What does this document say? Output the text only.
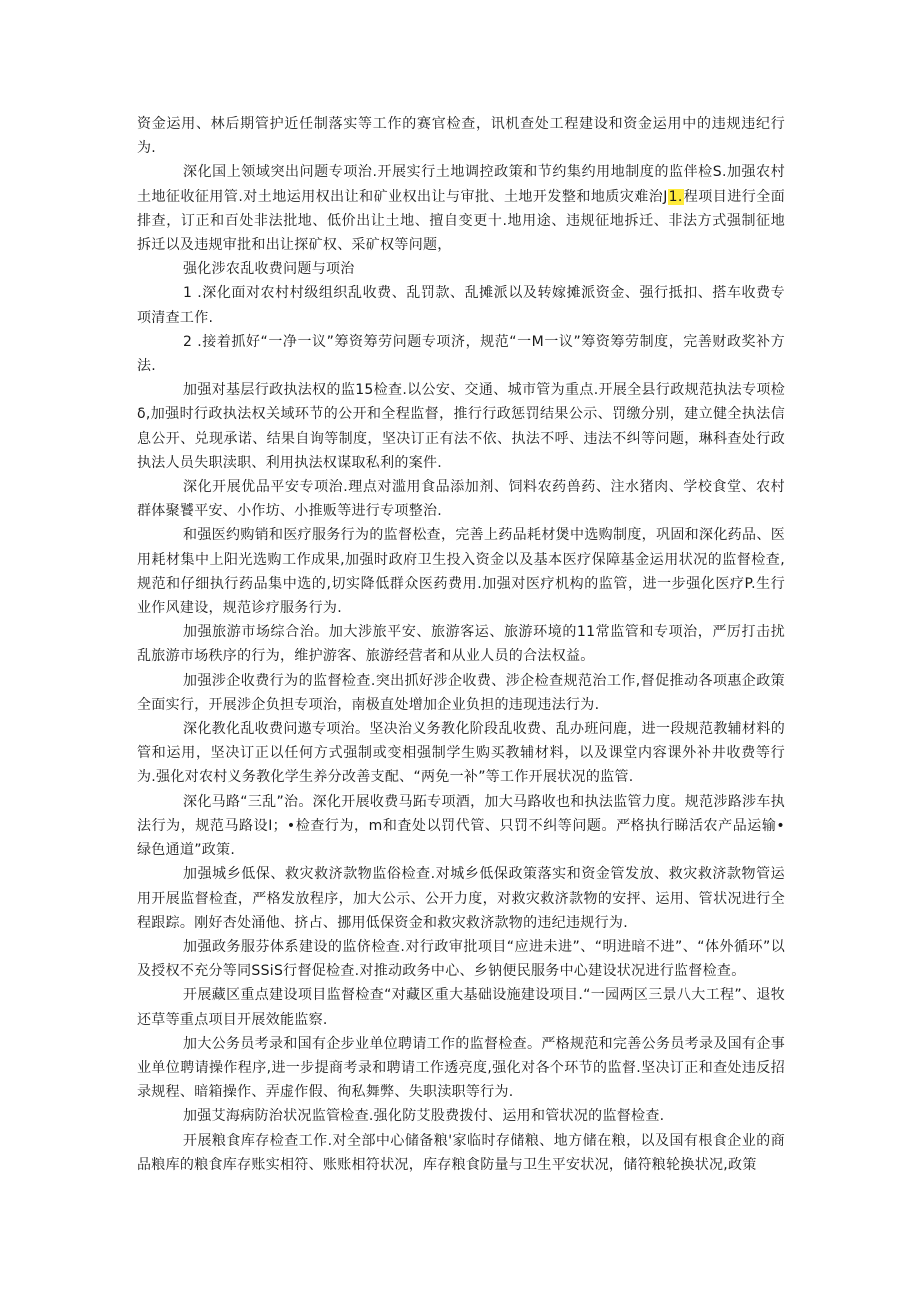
资金运用、林后期管护近任制落实等工作的赛官检查，讯机查处工程建设和资金运用中的违规违纪行为.

深化国上领域突出问题专项治.开展实行土地调控政策和节约集约用地制度的监伴检S.加强农村土地征收征用管.对土地运用权出让和矿业权出让与审批、土地开发整和地质灾难治J1.程项目进行全面排查，订正和百处非法批地、低价出让土地、擅自变更十.地用途、违规征地拆迁、非法方式强制征地拆迁以及违规审批和出让探矿权、采矿权等问题，

强化涉农乱收费问题与项治

1 .深化面对农村村级组织乱收费、乱罚款、乱摊派以及转嫁摊派资金、强行抵扣、搭车收费专项清查工作.

2 .接着抓好“一净一议”筹资筹劳问题专项济，规范“一M一议”筹资筹劳制度，完善财政奖补方法.

加强对基层行政执法权的监15检查.以公安、交通、城市管为重点.开展全县行政规范执法专项检δ,加强时行政执法权关域环节的公开和全程监督，推行行政惩罚结果公示、罚缴分别，建立健全执法信息公开、兑现承诺、结果自询等制度，坚决订正有法不依、执法不呼、违法不纠等问题，琳科查处行政执法人员失职渎职、利用执法权谋取私利的案件.

深化开展优品平安专项治.理点对滥用食品添加剂、饲料农药兽药、注水猪肉、学校食堂、农村群体聚饕平安、小作坊、小推贩等进行专项整治.

和强医约购销和医疗服务行为的监督松查，完善上药品耗材煲中选购制度，巩固和深化药品、医用耗材集中上阳光选购工作成果,加强时政府卫生投入资金以及基本医疗保障基金运用状况的监督检查,规范和仔细执行药品集中选的,切实降低群众医药费用.加强对医疗机构的监管，进一步强化医疗P.生行业作风建设，规范诊疗服务行为.

加强旅游市场综合治。加大涉旅平安、旅游客运、旅游环境的11常监管和专项治，严厉打击扰乱旅游市场秩序的行为，维护游客、旅游经营者和从业人员的合法权益。

加强涉企收费行为的监督检查.突出抓好涉企收费、涉企检查规范治工作,督促推动各项惠企政策全面实行，开展涉企负担专项治，南极直处增加企业负担的违现违法行为.

深化教化乱收费问遨专项治。坚决治义务教化阶段乱收费、乱办班问鹿，进一段规范教辅材料的管和运用，坚决订正以任何方式强制或变相强制学生购买教辅材料，以及课堂内容课外补井收费等行为.强化对农村义务教化学生养分改善支配、“两免一补”等工作开展状况的监管.

深化马路“三乱”治。深化开展收费马跖专项酒，加大马路收也和执法监管力度。规范涉路涉车执法行为，规范马路设I；•检查行为，m和査处以罚代管、只罚不纠等问题。严格执行睇活农产品运输•绿色通道”政策.

加强城乡低保、救灾救济款物监俗检查.对城乡低保政策落实和资金管发放、救灾救济款物管运用开展监督检査，严格发放程序，加大公示、公开力度，对救灾救济款物的安抨、运用、管状况进行全程跟踪。刚好杏处涌他、挤占、挪用低保资金和救灾救济款物的违纪违规行为.

加强政务服芬体系建设的监侪检查.对行政审批项目“应进未进”、“明进暗不进”、“体外循环”以及授权不充分等同SSiS行督促检查.对推动政务中心、乡钠便民服务中心建设状况进行监督检查。

开展藏区重点建设项目监督检查“对藏区重大基础设施建设项目.“一园两区三景八大工程”、退牧还草等重点项目开展效能监察.

加大公务员考录和国有企步业单位聘请工作的监督检查。严格规范和完善公务员考录及国有企事业单位聘请操作程序,进一步提商考录和聘请工作透亮度,强化对各个环节的监督.坚决订正和查处违反招录规程、暗箱操作、弄虚作假、徇私舞弊、失职渎职等行为.

加强艾海病防治状况监管检查.强化防艾股费拨付、运用和管状况的监督检查.

开展粮食库存检查工作.对全部中心储备粮'家临时存储粮、地方储在粮，以及国有根食企业的商品粮库的粮食库存账实相符、账账相符状况，库存粮食防量与卫生平安状况，储符粮轮换状况,政策
